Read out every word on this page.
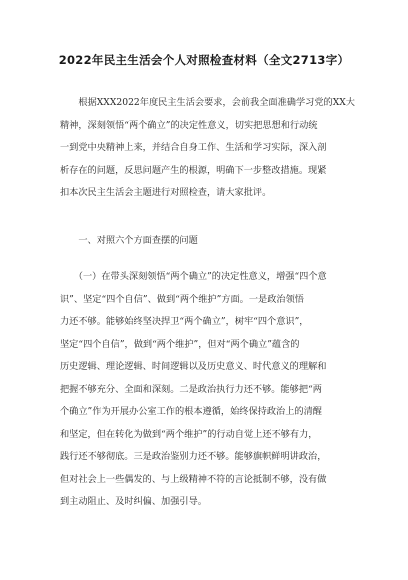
2022年民主生活会个人对照检查材料（全文2713字）
　　根据XXX2022年度民主生活会要求，会前我全面准确学习党的XX大
精神，深刻领悟“两个确立”的决定性意义，切实把思想和行动统
一到党中央精神上来，并结合自身工作、生活和学习实际，深入剖
析存在的问题，反思问题产生的根源，明确下一步整改措施。现紧
扣本次民主生活会主题进行对照检查，请大家批评。
　　一、对照六个方面查摆的问题
　　（一）在带头深刻领悟“两个确立”的决定性意义，增强“四个意
识”、坚定“四个自信”、做到“两个维护”方面。一是政治领悟
力还不够。能够始终坚决捍卫“两个确立”，树牢“四个意识”，
坚定“四个自信”，做到“两个维护”，但对“两个确立”蕴含的
历史逻辑、理论逻辑、时间逻辑以及历史意义、时代意义的理解和
把握不够充分、全面和深刻。二是政治执行力还不够。能够把“两
个确立”作为开展办公室工作的根本遵循，始终保持政治上的清醒
和坚定，但在转化为做到“两个维护”的行动自觉上还不够有力，
践行还不够彻底。三是政治鉴别力还不够。能够旗帜鲜明讲政治，
但对社会上一些偶发的、与上级精神不符的言论抵制不够，没有做
到主动阻止、及时纠偏、加强引导。
